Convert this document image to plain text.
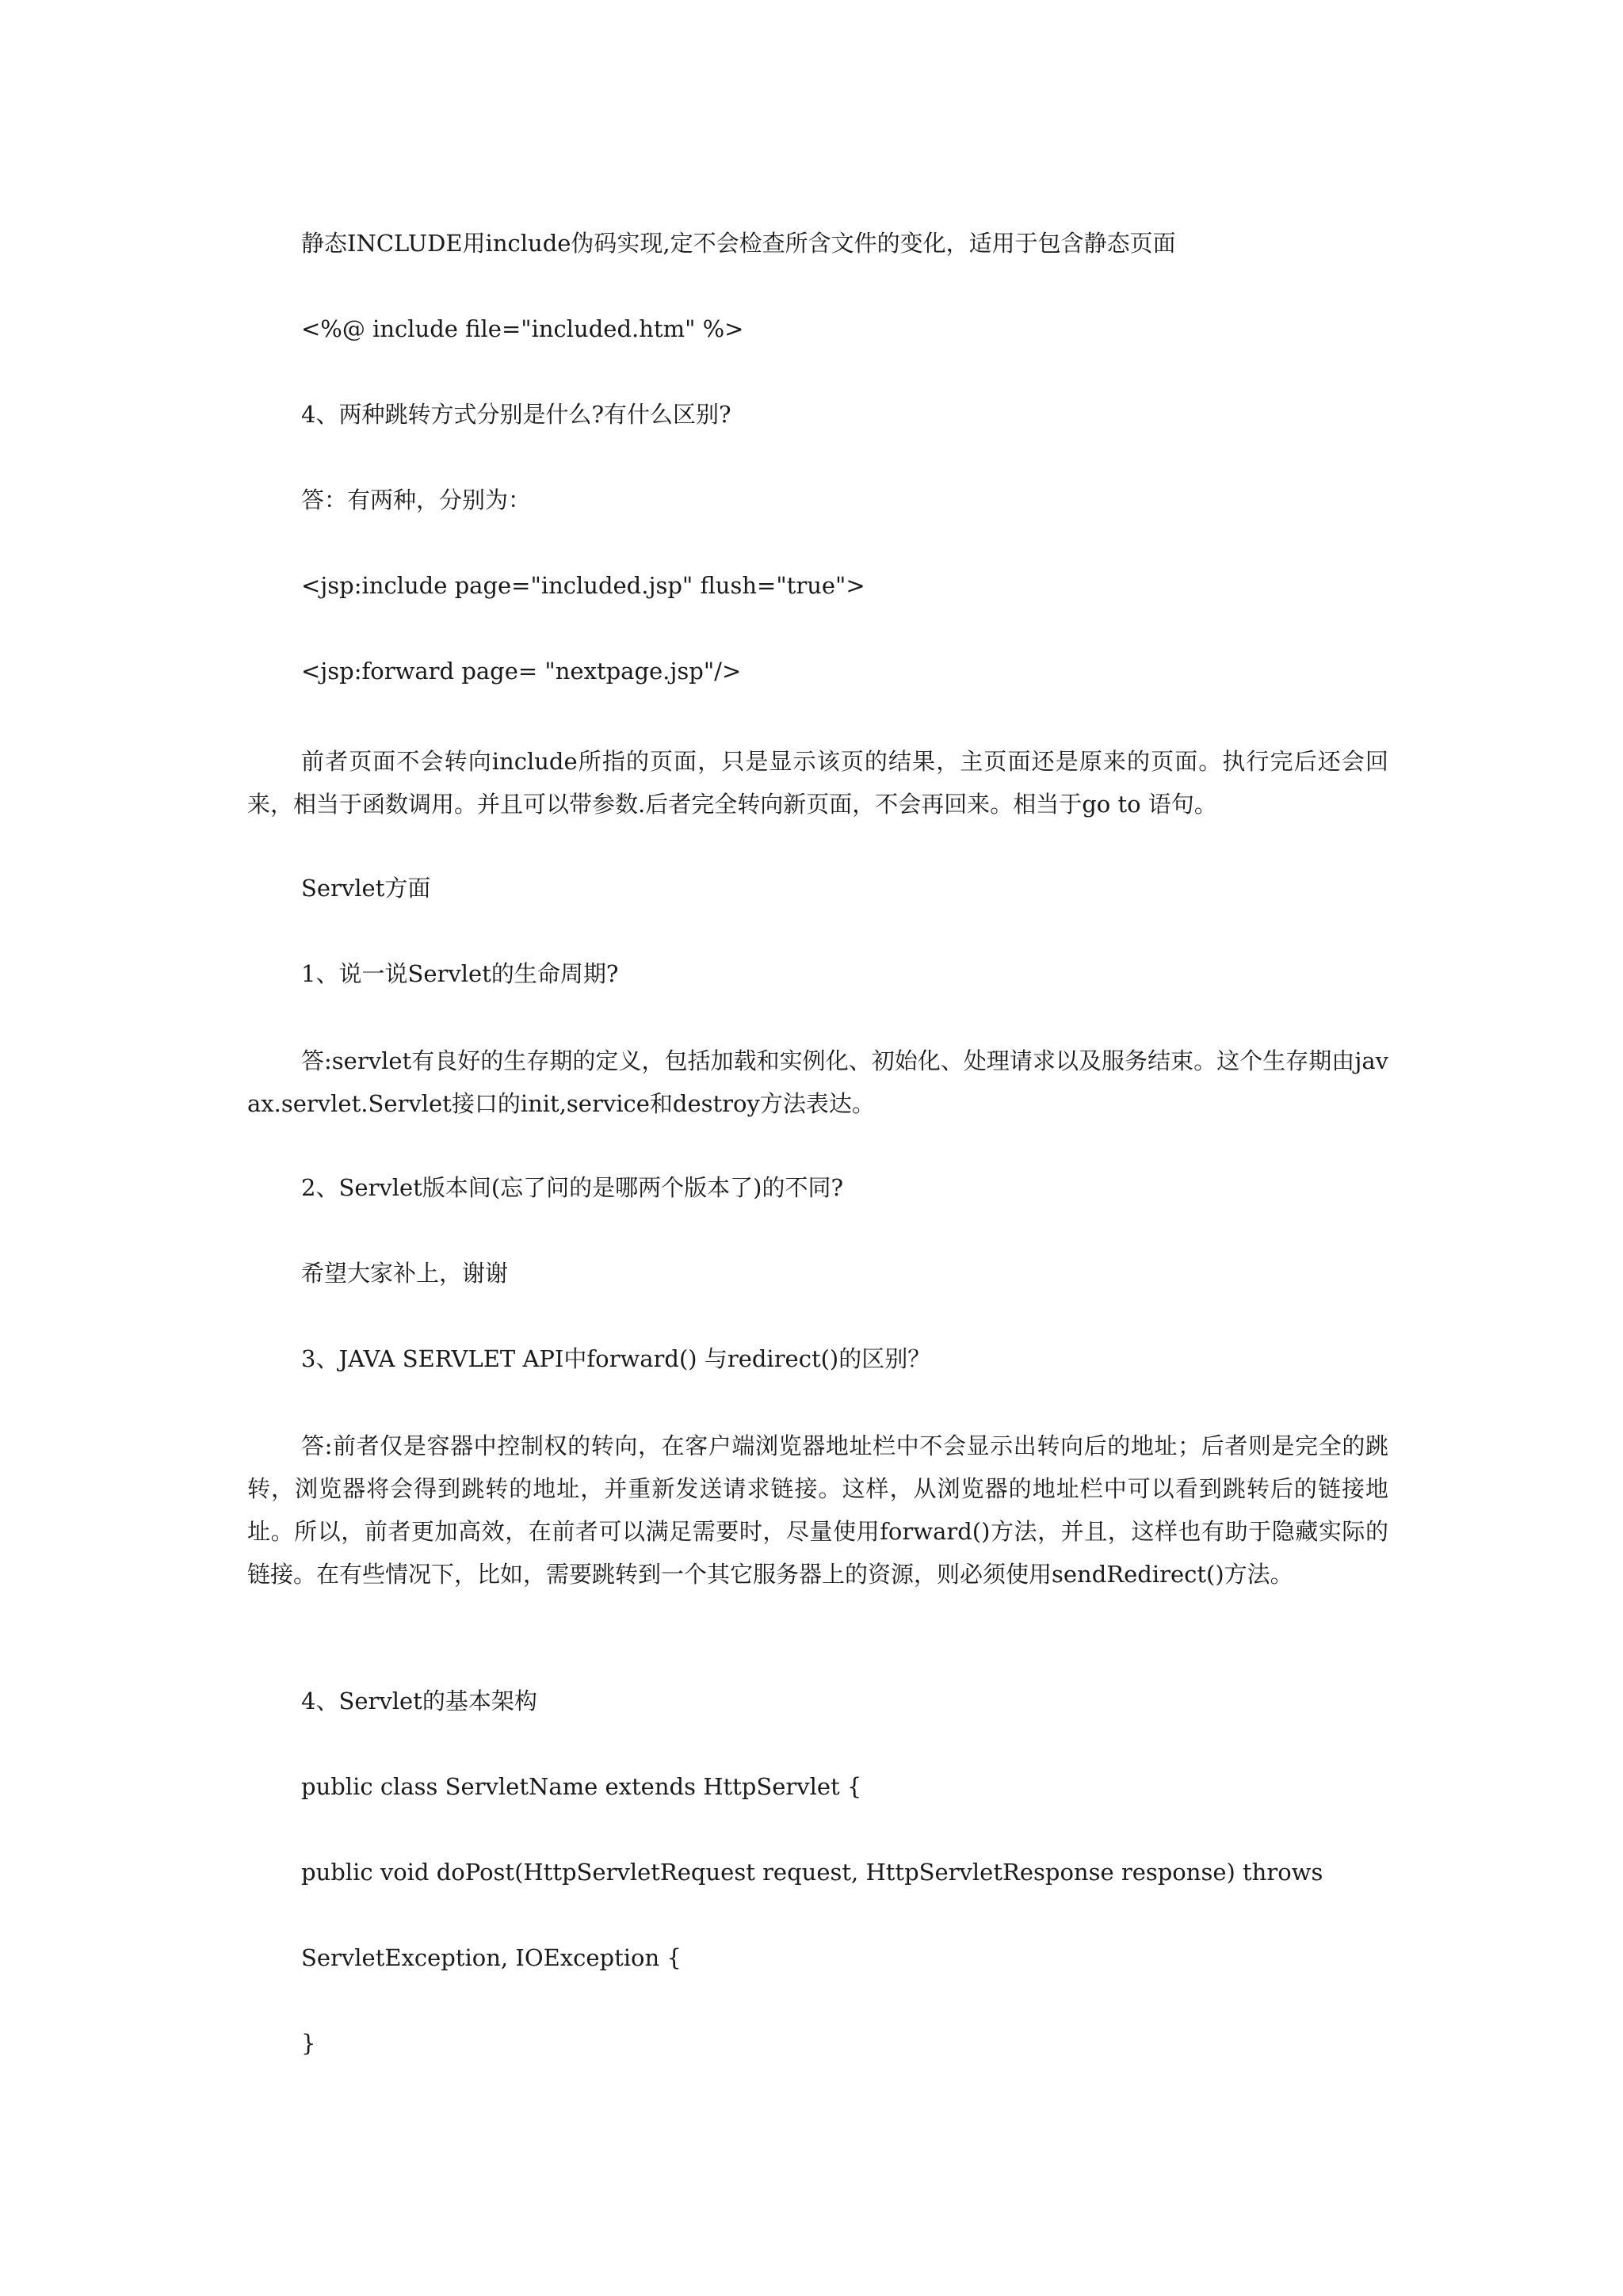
静态INCLUDE用include伪码实现,定不会检查所含文件的变化，适用于包含静态页面

<%@ include file="included.htm" %>

4、两种跳转方式分别是什么?有什么区别?

答：有两种，分别为：

<jsp:include page="included.jsp" flush="true">

<jsp:forward page= "nextpage.jsp"/>

前者页面不会转向include所指的页面，只是显示该页的结果，主页面还是原来的页面。执行完后还会回来，相当于函数调用。并且可以带参数.后者完全转向新页面，不会再回来。相当于go to 语句。

Servlet方面

1、说一说Servlet的生命周期?

答:servlet有良好的生存期的定义，包括加载和实例化、初始化、处理请求以及服务结束。这个生存期由javax.servlet.Servlet接口的init,service和destroy方法表达。

2、Servlet版本间(忘了问的是哪两个版本了)的不同?

希望大家补上，谢谢

3、JAVA SERVLET API中forward() 与redirect()的区别？

答:前者仅是容器中控制权的转向，在客户端浏览器地址栏中不会显示出转向后的地址；后者则是完全的跳转，浏览器将会得到跳转的地址，并重新发送请求链接。这样，从浏览器的地址栏中可以看到跳转后的链接地址。所以，前者更加高效，在前者可以满足需要时，尽量使用forward()方法，并且，这样也有助于隐藏实际的链接。在有些情况下，比如，需要跳转到一个其它服务器上的资源，则必须使用sendRedirect()方法。

4、Servlet的基本架构

public class ServletName extends HttpServlet {

public void doPost(HttpServletRequest request, HttpServletResponse response) throws

ServletException, IOException {

}
